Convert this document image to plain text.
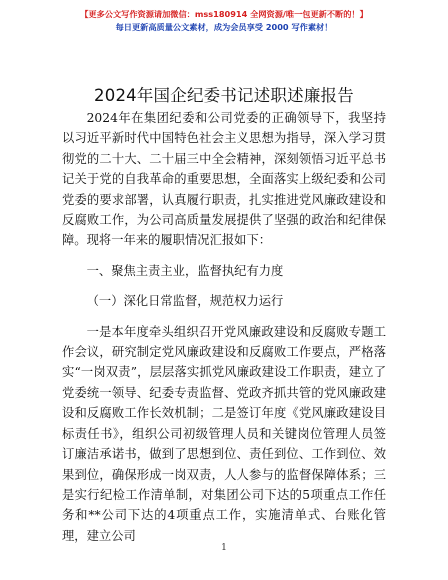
【更多公文写作资源请加微信：mss180914 全网资源/唯一包更新不断的！】
每日更新高质量公文素材，成为会员享受 2000 写作素材！
2024年国企纪委书记述职述廉报告

2024年在集团纪委和公司党委的正确领导下，我坚持以习近平新时代中国特色社会主义思想为指导，深入学习贯彻党的二十大、二十届三中全会精神，深刻领悟习近平总书记关于党的自我革命的重要思想，全面落实上级纪委和公司党委的要求部署，认真履行职责，扎实推进党风廉政建设和反腐败工作，为公司高质量发展提供了坚强的政治和纪律保障。现将一年来的履职情况汇报如下：

一、聚焦主责主业，监督执纪有力度

（一）深化日常监督，规范权力运行

一是本年度牵头组织召开党风廉政建设和反腐败专题工作会议，研究制定党风廉政建设和反腐败工作要点，严格落实“一岗双责”，层层落实抓党风廉政建设工作职责，建立了党委统一领导、纪委专责监督、党政齐抓共管的党风廉政建设和反腐败工作长效机制；二是签订年度《党风廉政建设目标责任书》，组织公司初级管理人员和关键岗位管理人员签订廉洁承诺书，做到了思想到位、责任到位、工作到位、效果到位，确保形成一岗双责，人人参与的监督保障体系；三是实行纪检工作清单制，对集团公司下达的5项重点工作任务和**公司下达的4项重点工作，实施清单式、台账化管理，建立公司

1
